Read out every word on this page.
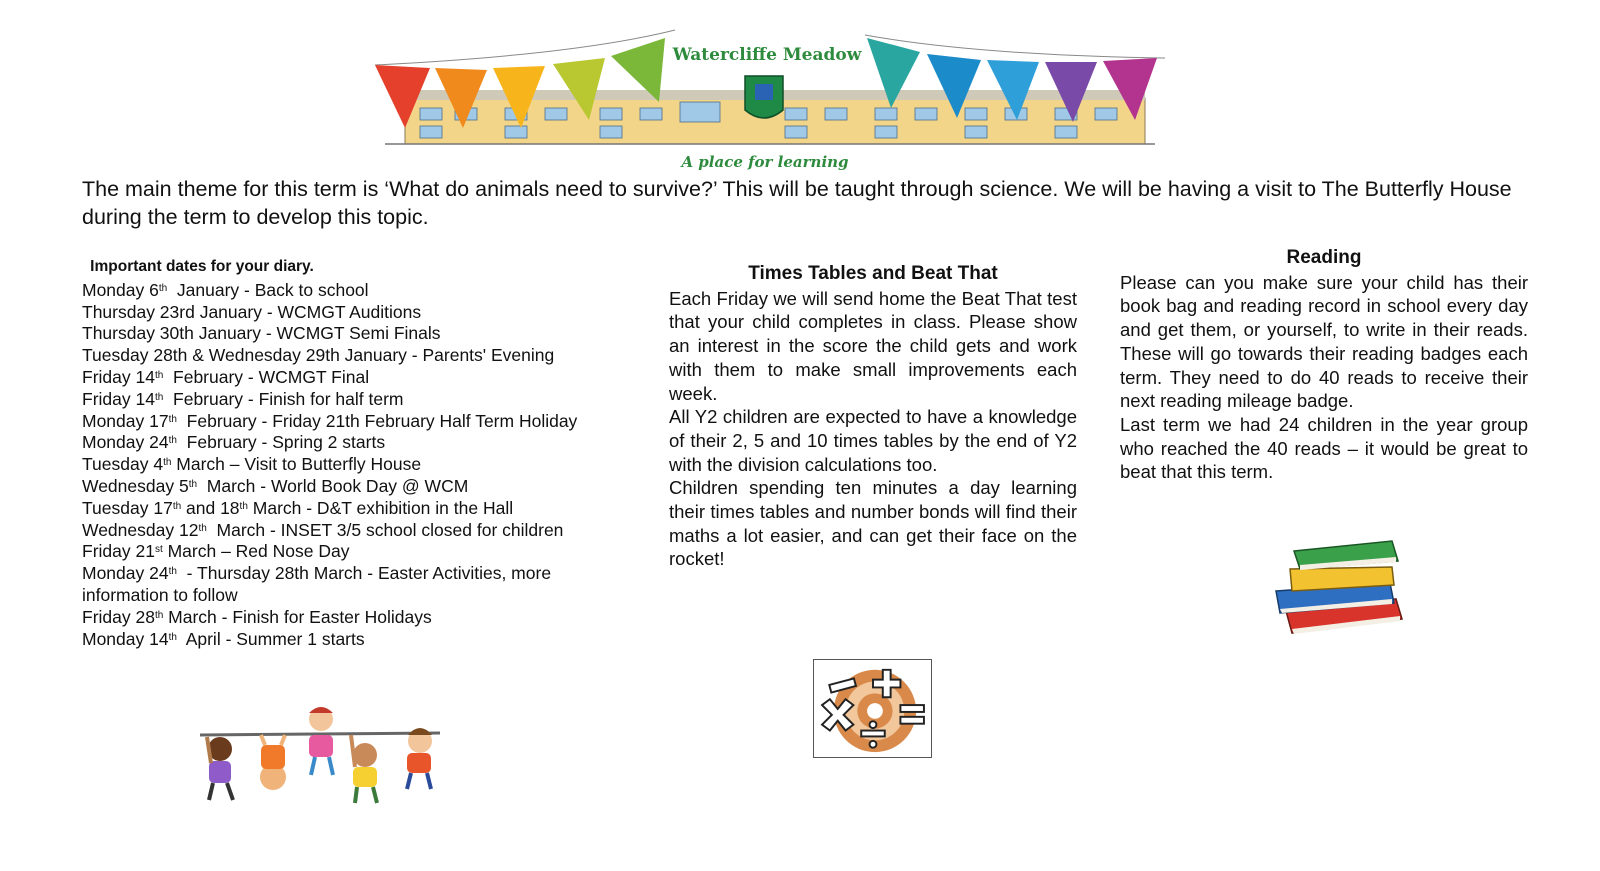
Watercliffe Meadow
A place for learning
The main theme for this term is ‘What do animals need to survive?’ This will be taught through science. We will be having a visit to The Butterfly House during the term to develop this topic.
Important dates for your diary.
Monday 6th  January - Back to school
Thursday 23rd January - WCMGT Auditions
Thursday 30th January - WCMGT Semi Finals
Tuesday 28th & Wednesday 29th January - Parents' Evening
Friday 14th  February - WCMGT Final
Friday 14th  February - Finish for half term
Monday 17th  February - Friday 21th February Half Term Holiday
Monday 24th  February - Spring 2 starts
Tuesday 4th March – Visit to Butterfly House
Wednesday 5th  March - World Book Day @ WCM
Tuesday 17th and 18th March - D&T exhibition in the Hall
Wednesday 12th  March - INSET 3/5 school closed for children
Friday 21st March – Red Nose Day
Monday 24th  - Thursday 28th March - Easter Activities, more information to follow
Friday 28th March - Finish for Easter Holidays
Monday 14th  April - Summer 1 starts
Times Tables and Beat That

Each Friday we will send home the Beat That test that your child completes in class. Please show an interest in the score the child gets and work with them to make small improvements each week.

All Y2 children are expected to have a knowledge of their 2, 5 and 10 times tables by the end of Y2 with the division calculations too.

Children spending ten minutes a day learning their times tables and number bonds will find their maths a lot easier, and can get their face on the rocket!

Reading

Please can you make sure your child has their book bag and reading record in school every day and get them, or yourself, to write in their reads. These will go towards their reading badges each term. They need to do 40 reads to receive their next reading mileage badge.

Last term we had 24 children in the year group who reached the 40 reads – it would be great to beat that this term.
